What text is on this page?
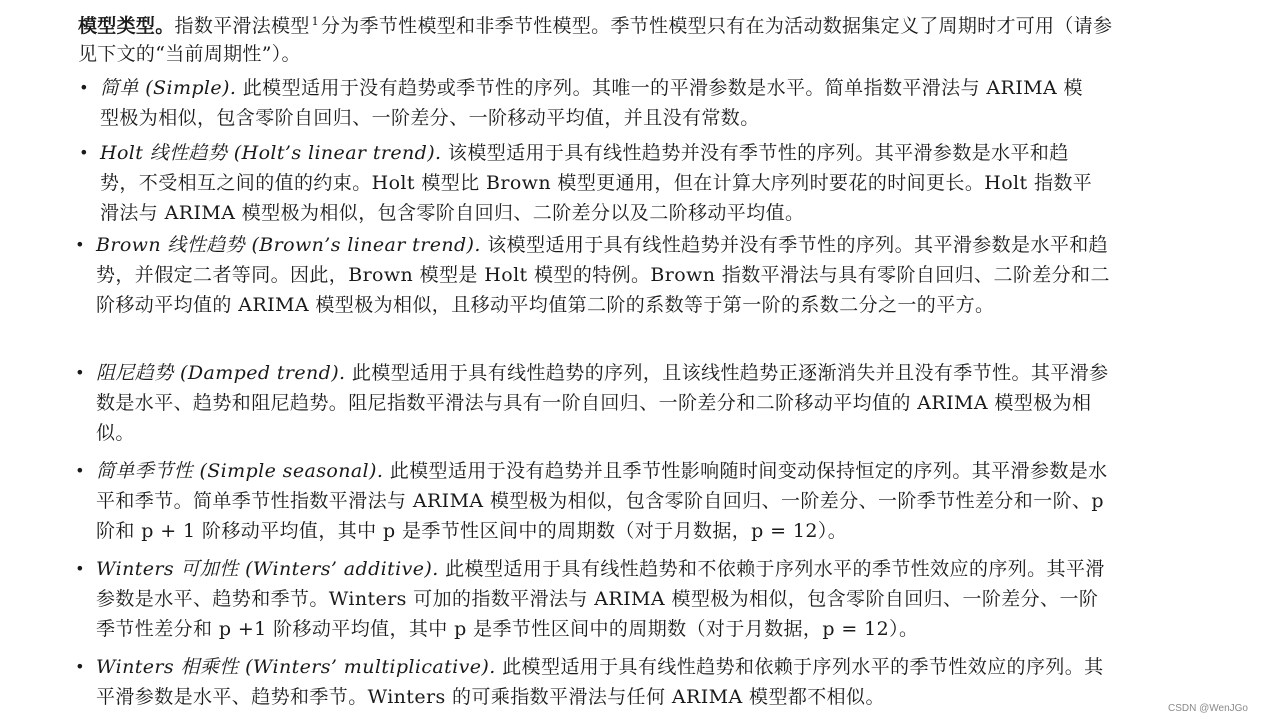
模型类型。指数平滑法模型 $^1$ 分为季节性模型和非季节性模型。季节性模型只有在为活动数据集定义了周期时才可用（请参见下文的“当前周期性”）。

• 简单 (Simple). 此模型适用于没有趋势或季节性的序列。其唯一的平滑参数是水平。简单指数平滑法与 ARIMA 模型极为相似，包含零阶自回归、一阶差分、一阶移动平均值，并且没有常数。
• Holt 线性趋势 (Holt’s linear trend). 该模型适用于具有线性趋势并没有季节性的序列。其平滑参数是水平和趋势，不受相互之间的值的约束。Holt 模型比 Brown 模型更通用，但在计算大序列时要花的时间更长。Holt 指数平滑法与 ARIMA 模型极为相似，包含零阶自回归、二阶差分以及二阶移动平均值。
• Brown 线性趋势 (Brown’s linear trend). 该模型适用于具有线性趋势并没有季节性的序列。其平滑参数是水平和趋势，并假定二者等同。因此，Brown 模型是 Holt 模型的特例。Brown 指数平滑法与具有零阶自回归、二阶差分和二阶移动平均值的 ARIMA 模型极为相似，且移动平均值第二阶的系数等于第一阶的系数二分之一的平方。
• 阻尼趋势 (Damped trend). 此模型适用于具有线性趋势的序列，且该线性趋势正逐渐消失并且没有季节性。其平滑参数是水平、趋势和阻尼趋势。阻尼指数平滑法与具有一阶自回归、一阶差分和二阶移动平均值的 ARIMA 模型极为相似。
• 简单季节性 (Simple seasonal). 此模型适用于没有趋势并且季节性影响随时间变动保持恒定的序列。其平滑参数是水平和季节。简单季节性指数平滑法与 ARIMA 模型极为相似，包含零阶自回归、一阶差分、一阶季节性差分和一阶、p 阶和 p + 1 阶移动平均值，其中 p 是季节性区间中的周期数（对于月数据，p = 12）。
• Winters 可加性 (Winters’ additive). 此模型适用于具有线性趋势和不依赖于序列水平的季节性效应的序列。其平滑参数是水平、趋势和季节。Winters 可加的指数平滑法与 ARIMA 模型极为相似，包含零阶自回归、一阶差分、一阶季节性差分和 p +1 阶移动平均值，其中 p 是季节性区间中的周期数（对于月数据，p = 12）。
• Winters 相乘性 (Winters’ multiplicative). 此模型适用于具有线性趋势和依赖于序列水平的季节性效应的序列。其平滑参数是水平、趋势和季节。Winters 的可乘指数平滑法与任何 ARIMA 模型都不相似。
CSDN @WenJGo
